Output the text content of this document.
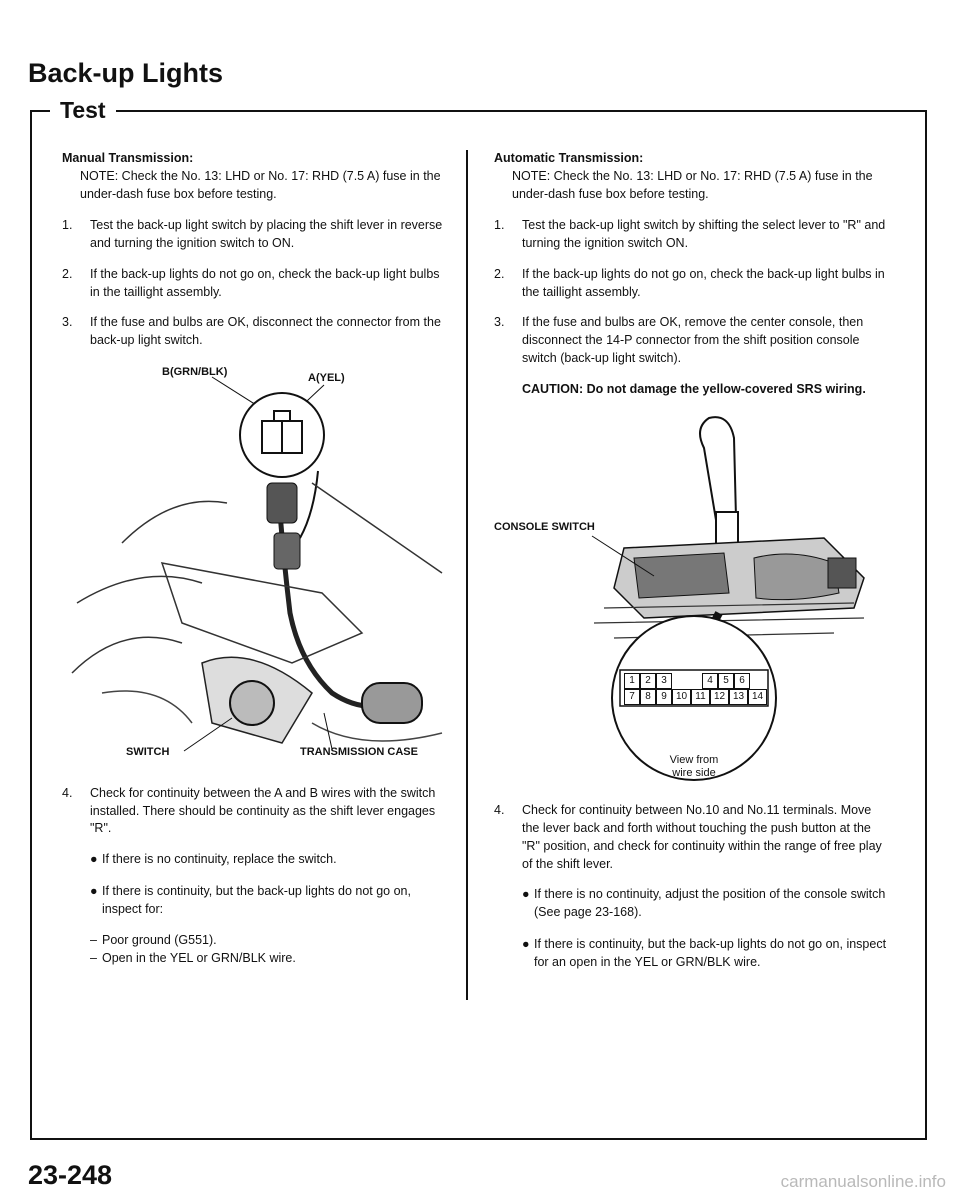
Back-up Lights
Test

Manual Transmission:

NOTE: Check the No. 13: LHD or No. 17: RHD (7.5 A) fuse in the under-dash fuse box before testing.

1. Test the back-up light switch by placing the shift lever in reverse and turning the ignition switch to ON.
2. If the back-up lights do not go on, check the back-up light bulbs in the taillight assembly.
3. If the fuse and bulbs are OK, disconnect the connector from the back-up light switch.
B(GRN/BLK)	A(YEL)
SWITCH	TRANSMISSION CASE
4. Check for continuity between the A and B wires with the switch installed. There should be continuity as the shift lever engages "R".
● If there is no continuity, replace the switch.
● If there is continuity, but the back-up lights do not go on, inspect for:
– Poor ground (G551).
– Open in the YEL or GRN/BLK wire.

Automatic Transmission:

NOTE: Check the No. 13: LHD or No. 17: RHD (7.5 A) fuse in the under-dash fuse box before testing.

1. Test the back-up light switch by shifting the select lever to "R" and turning the ignition switch ON.
2. If the back-up lights do not go on, check the back-up light bulbs in the taillight assembly.
3. If the fuse and bulbs are OK, remove the center console, then disconnect the 14-P connector from the shift position console switch (back-up light switch).

CAUTION: Do not damage the yellow-covered SRS wiring.

CONSOLE SWITCH
1	2	3	4	5	6
7	8	9 10 11 12 13 14
View from
wire side
4. Check for continuity between No.10 and No.11 terminals. Move the lever back and forth without touching the push button at the "R" position, and check for continuity within the range of free play of the shift lever.
● If there is no continuity, adjust the position of the console switch (See page 23-168).
● If there is continuity, but the back-up lights do not go on, inspect for an open in the YEL or GRN/BLK wire.

23-248	carmanualsonline.info
